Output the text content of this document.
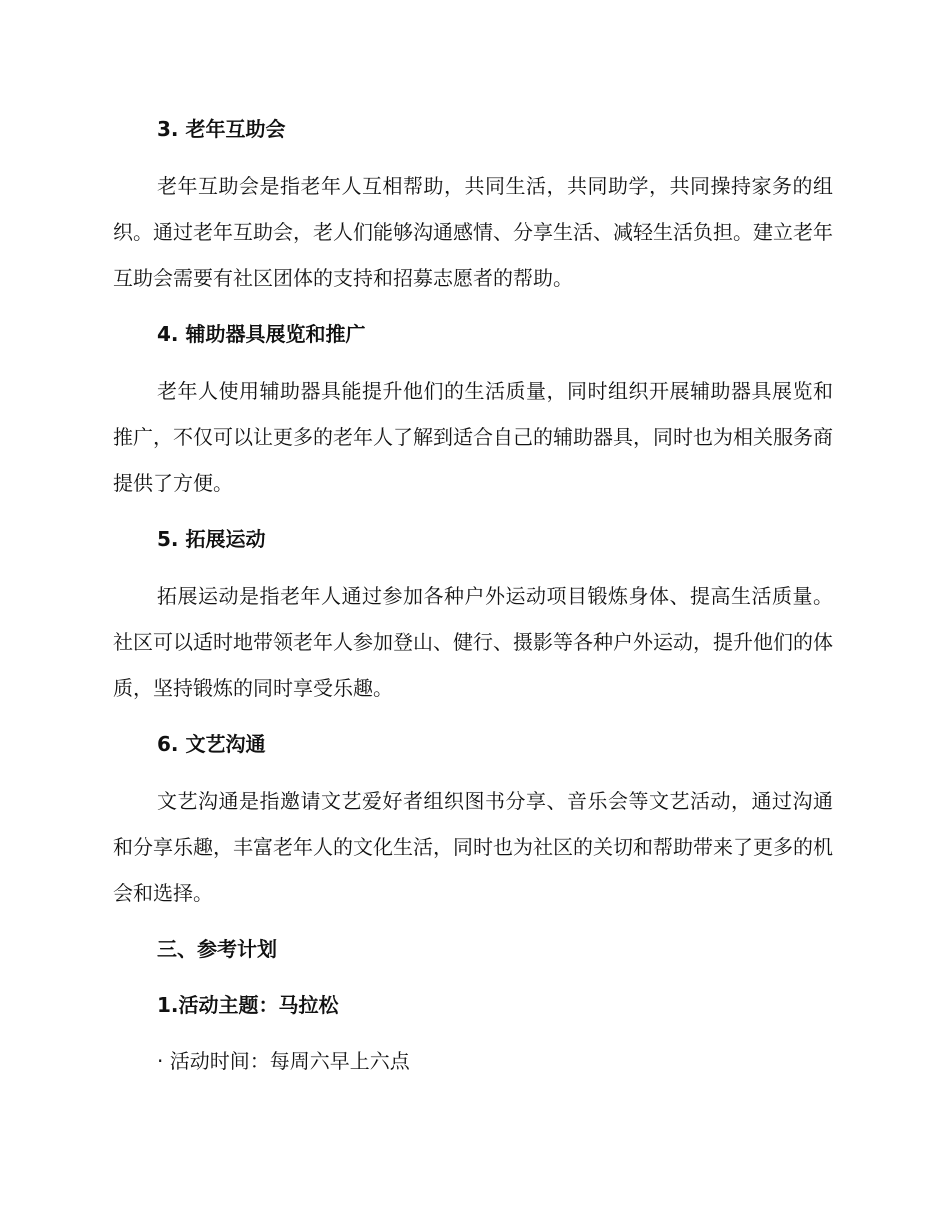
3. 老年互助会

老年互助会是指老年人互相帮助，共同生活，共同助学，共同操持家务的组织。通过老年互助会，老人们能够沟通感情、分享生活、减轻生活负担。建立老年互助会需要有社区团体的支持和招募志愿者的帮助。

4. 辅助器具展览和推广

老年人使用辅助器具能提升他们的生活质量，同时组织开展辅助器具展览和推广，不仅可以让更多的老年人了解到适合自己的辅助器具，同时也为相关服务商提供了方便。

5. 拓展运动

拓展运动是指老年人通过参加各种户外运动项目锻炼身体、提高生活质量。社区可以适时地带领老年人参加登山、健行、摄影等各种户外运动，提升他们的体质，坚持锻炼的同时享受乐趣。

6. 文艺沟通

文艺沟通是指邀请文艺爱好者组织图书分享、音乐会等文艺活动，通过沟通和分享乐趣，丰富老年人的文化生活，同时也为社区的关切和帮助带来了更多的机会和选择。

三、参考计划
1.活动主题：马拉松
· 活动时间：每周六早上六点
